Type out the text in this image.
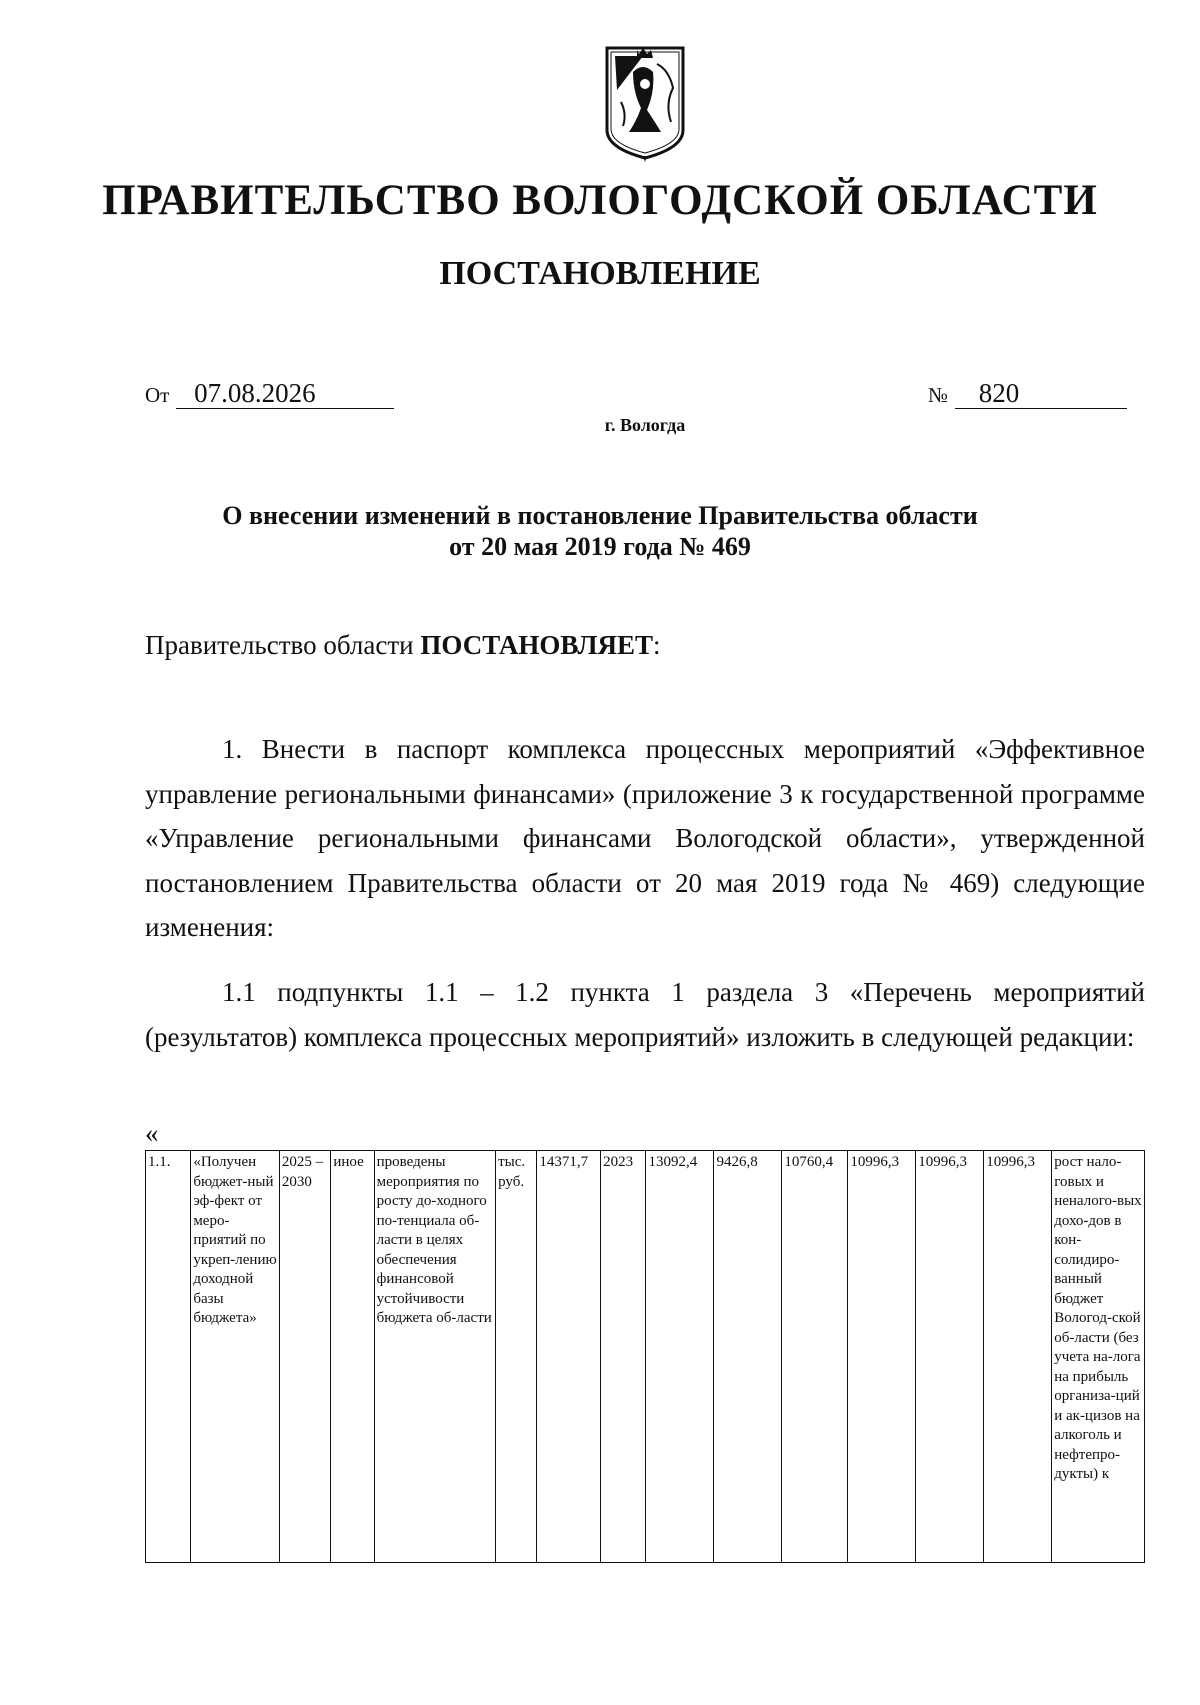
ПРАВИТЕЛЬСТВО ВОЛОГОДСКОЙ ОБЛАСТИ
ПОСТАНОВЛЕНИЕ
От 07.08.2026	№ 820
г. Вологда
О внесении изменений в постановление Правительства области
от 20 мая 2019 года № 469
Правительство области ПОСТАНОВЛЯЕТ:
1. Внести в паспорт комплекса процессных мероприятий «Эффективное управление региональными финансами» (приложение 3 к государственной программе «Управление региональными финансами Вологодской области», утвержденной постановлением Правительства области от 20 мая 2019 года № 469) следующие изменения:
1.1 подпункты 1.1 – 1.2 пункта 1 раздела 3 «Перечень мероприятий (результатов) комплекса процессных мероприятий» изложить в следующей редакции:
«
1.1.	«Получен бюджет-ный эф-фект от меро-приятий по укреп-лению доходной базы бюджета»	2025 – 2030	иное	проведены мероприятия по росту до-ходного по-тенциала об-ласти в целях обеспечения финансовой устойчивости бюджета об-ласти	тыс. руб.	14371,7	2023	13092,4	9426,8	10760,4	10996,3	10996,3	10996,3	рост нало-говых и неналого-вых дохо-дов в кон-солидиро-ванный бюджет Вологод-ской об-ласти (без учета на-лога на прибыль организа-ций и ак-цизов на алкоголь и нефтепро-дукты) к
